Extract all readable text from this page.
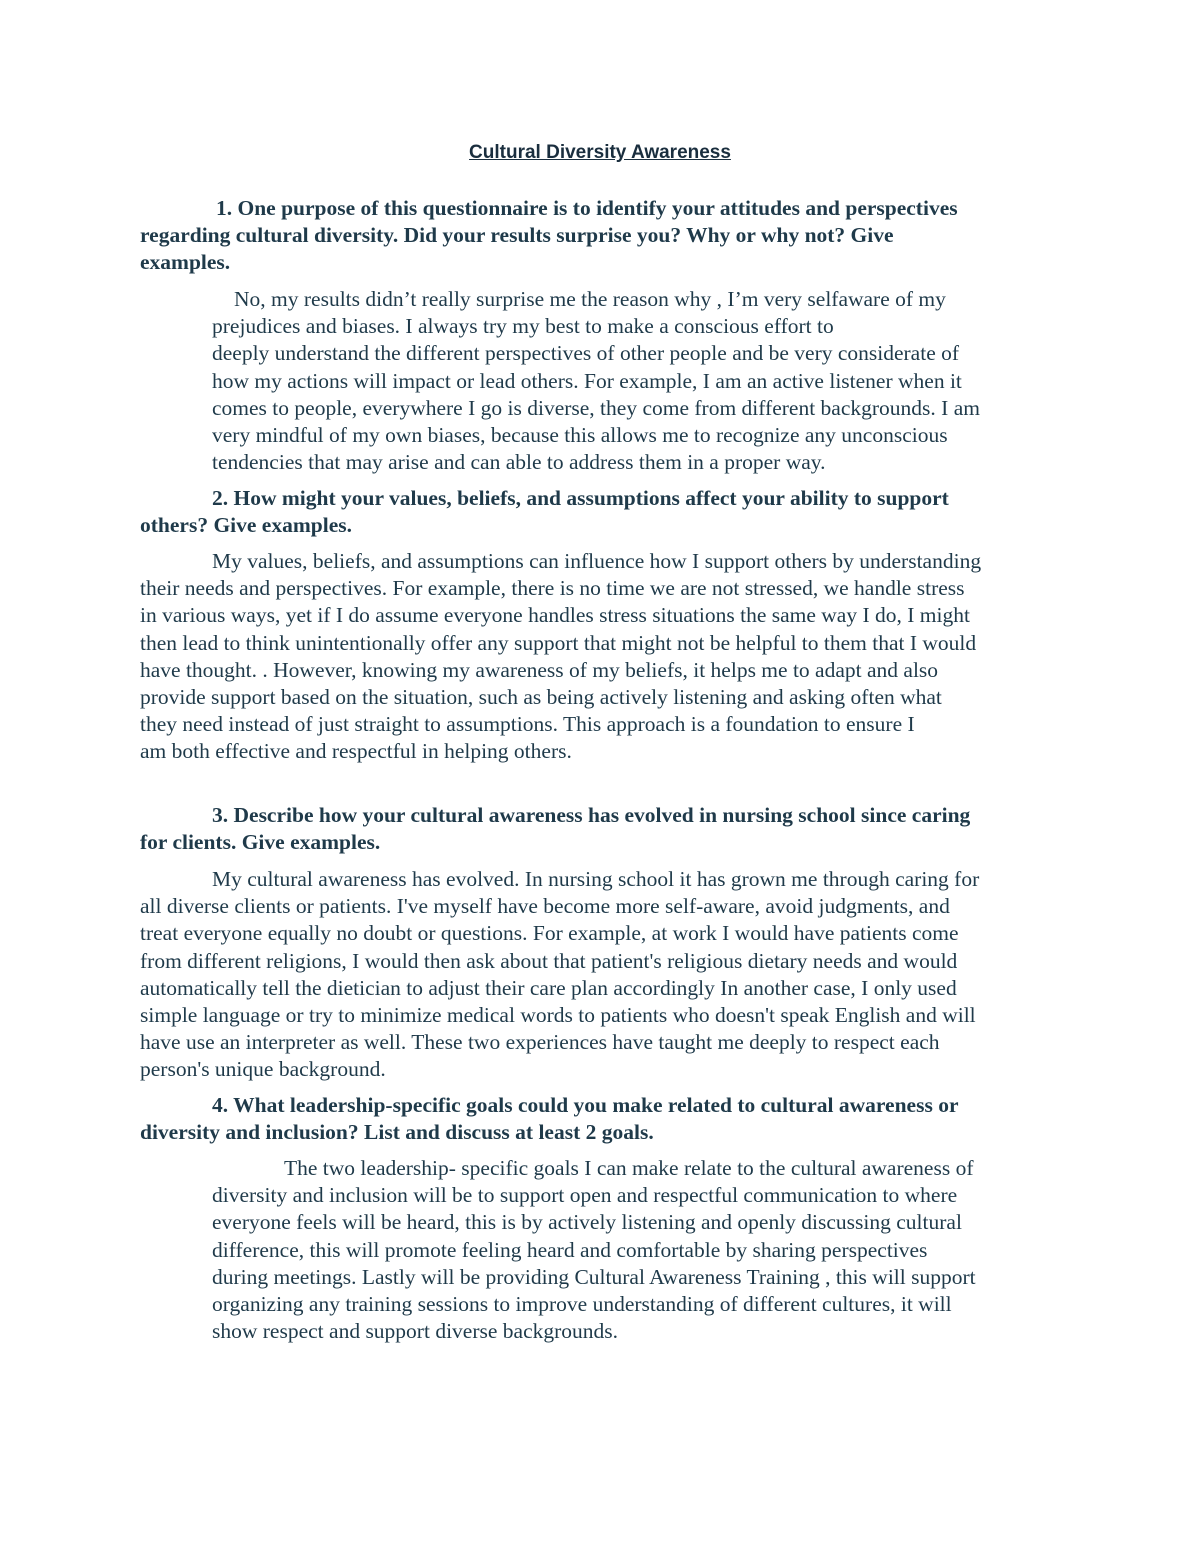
Cultural Diversity Awareness
1. One purpose of this questionnaire is to identify your attitudes and perspectives
regarding cultural diversity. Did your results surprise you? Why or why not? Give
examples.
No, my results didn’t really surprise me the reason why , I’m very selfaware of my
prejudices and biases. I always try my best to make a conscious effort to
deeply understand the different perspectives of other people and be very considerate of
how my actions will impact or lead others. For example, I am an active listener when it
comes to people, everywhere I go is diverse, they come from different backgrounds. I am
very mindful of my own biases, because this allows me to recognize any unconscious
tendencies that may arise and can able to address them in a proper way.
2. How might your values, beliefs, and assumptions affect your ability to support
others? Give examples.
My values, beliefs, and assumptions can influence how I support others by understanding
their needs and perspectives. For example, there is no time we are not stressed, we handle stress
in various ways, yet if I do assume everyone handles stress situations the same way I do, I might
then lead to think unintentionally offer any support that might not be helpful to them that I would
have thought. . However, knowing my awareness of my beliefs, it helps me to adapt and also
provide support based on the situation, such as being actively listening and asking often what
they need instead of just straight to assumptions. This approach is a foundation to ensure I
am both effective and respectful in helping others.
3. Describe how your cultural awareness has evolved in nursing school since caring
for clients. Give examples.
My cultural awareness has evolved. In nursing school it has grown me through caring for
all diverse clients or patients. I've myself have become more self-aware, avoid judgments, and
treat everyone equally no doubt or questions. For example, at work I would have patients come
from different religions, I would then ask about that patient's religious dietary needs and would
automatically tell the dietician to adjust their care plan accordingly In another case, I only used
simple language or try to minimize medical words to patients who doesn't speak English and will
have use an interpreter as well. These two experiences have taught me deeply to respect each
person's unique background.
4. What leadership-specific goals could you make related to cultural awareness or
diversity and inclusion? List and discuss at least 2 goals.
The two leadership- specific goals I can make relate to the cultural awareness of
diversity and inclusion will be to support open and respectful communication to where
everyone feels will be heard, this is by actively listening and openly discussing cultural
difference, this will promote feeling heard and comfortable by sharing perspectives
during meetings. Lastly will be providing Cultural Awareness Training , this will support
organizing any training sessions to improve understanding of different cultures, it will
show respect and support diverse backgrounds.
